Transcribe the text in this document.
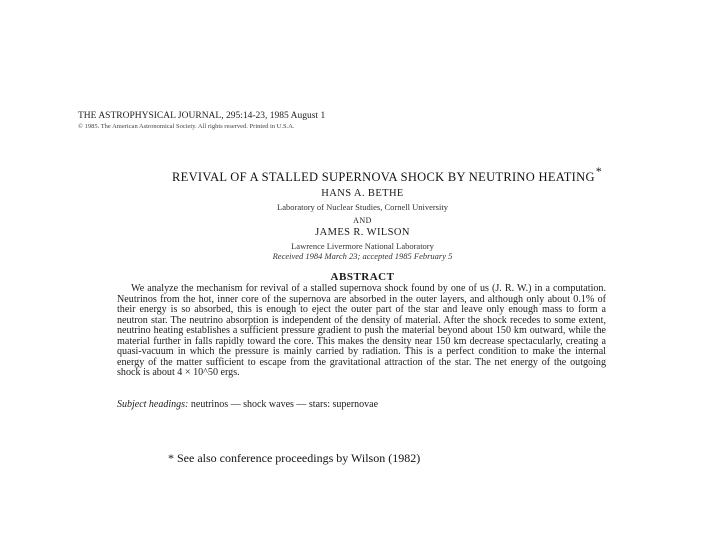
THE ASTROPHYSICAL JOURNAL, 295:14-23, 1985 August 1
© 1985. The American Astronomical Society. All rights reserved. Printed in U.S.A.
REVIVAL OF A STALLED SUPERNOVA SHOCK BY NEUTRINO HEATING*
HANS A. BETHE
Laboratory of Nuclear Studies, Cornell University
AND
JAMES R. WILSON
Lawrence Livermore National Laboratory
Received 1984 March 23; accepted 1985 February 5
ABSTRACT

We analyze the mechanism for revival of a stalled supernova shock found by one of us (J. R. W.) in a computation. Neutrinos from the hot, inner core of the supernova are absorbed in the outer layers, and although only about 0.1% of their energy is so absorbed, this is enough to eject the outer part of the star and leave only enough mass to form a neutron star. The neutrino absorption is independent of the density of material. After the shock recedes to some extent, neutrino heating establishes a sufficient pressure gradient to push the material beyond about 150 km outward, while the material further in falls rapidly toward the core. This makes the density near 150 km decrease spectacularly, creating a quasi-vacuum in which the pressure is mainly carried by radiation. This is a perfect condition to make the internal energy of the matter sufficient to escape from the gravitational attraction of the star. The net energy of the outgoing shock is about 4 × 10^50 ergs.

Subject headings: neutrinos — shock waves — stars: supernovae
* See also conference proceedings by Wilson (1982)
